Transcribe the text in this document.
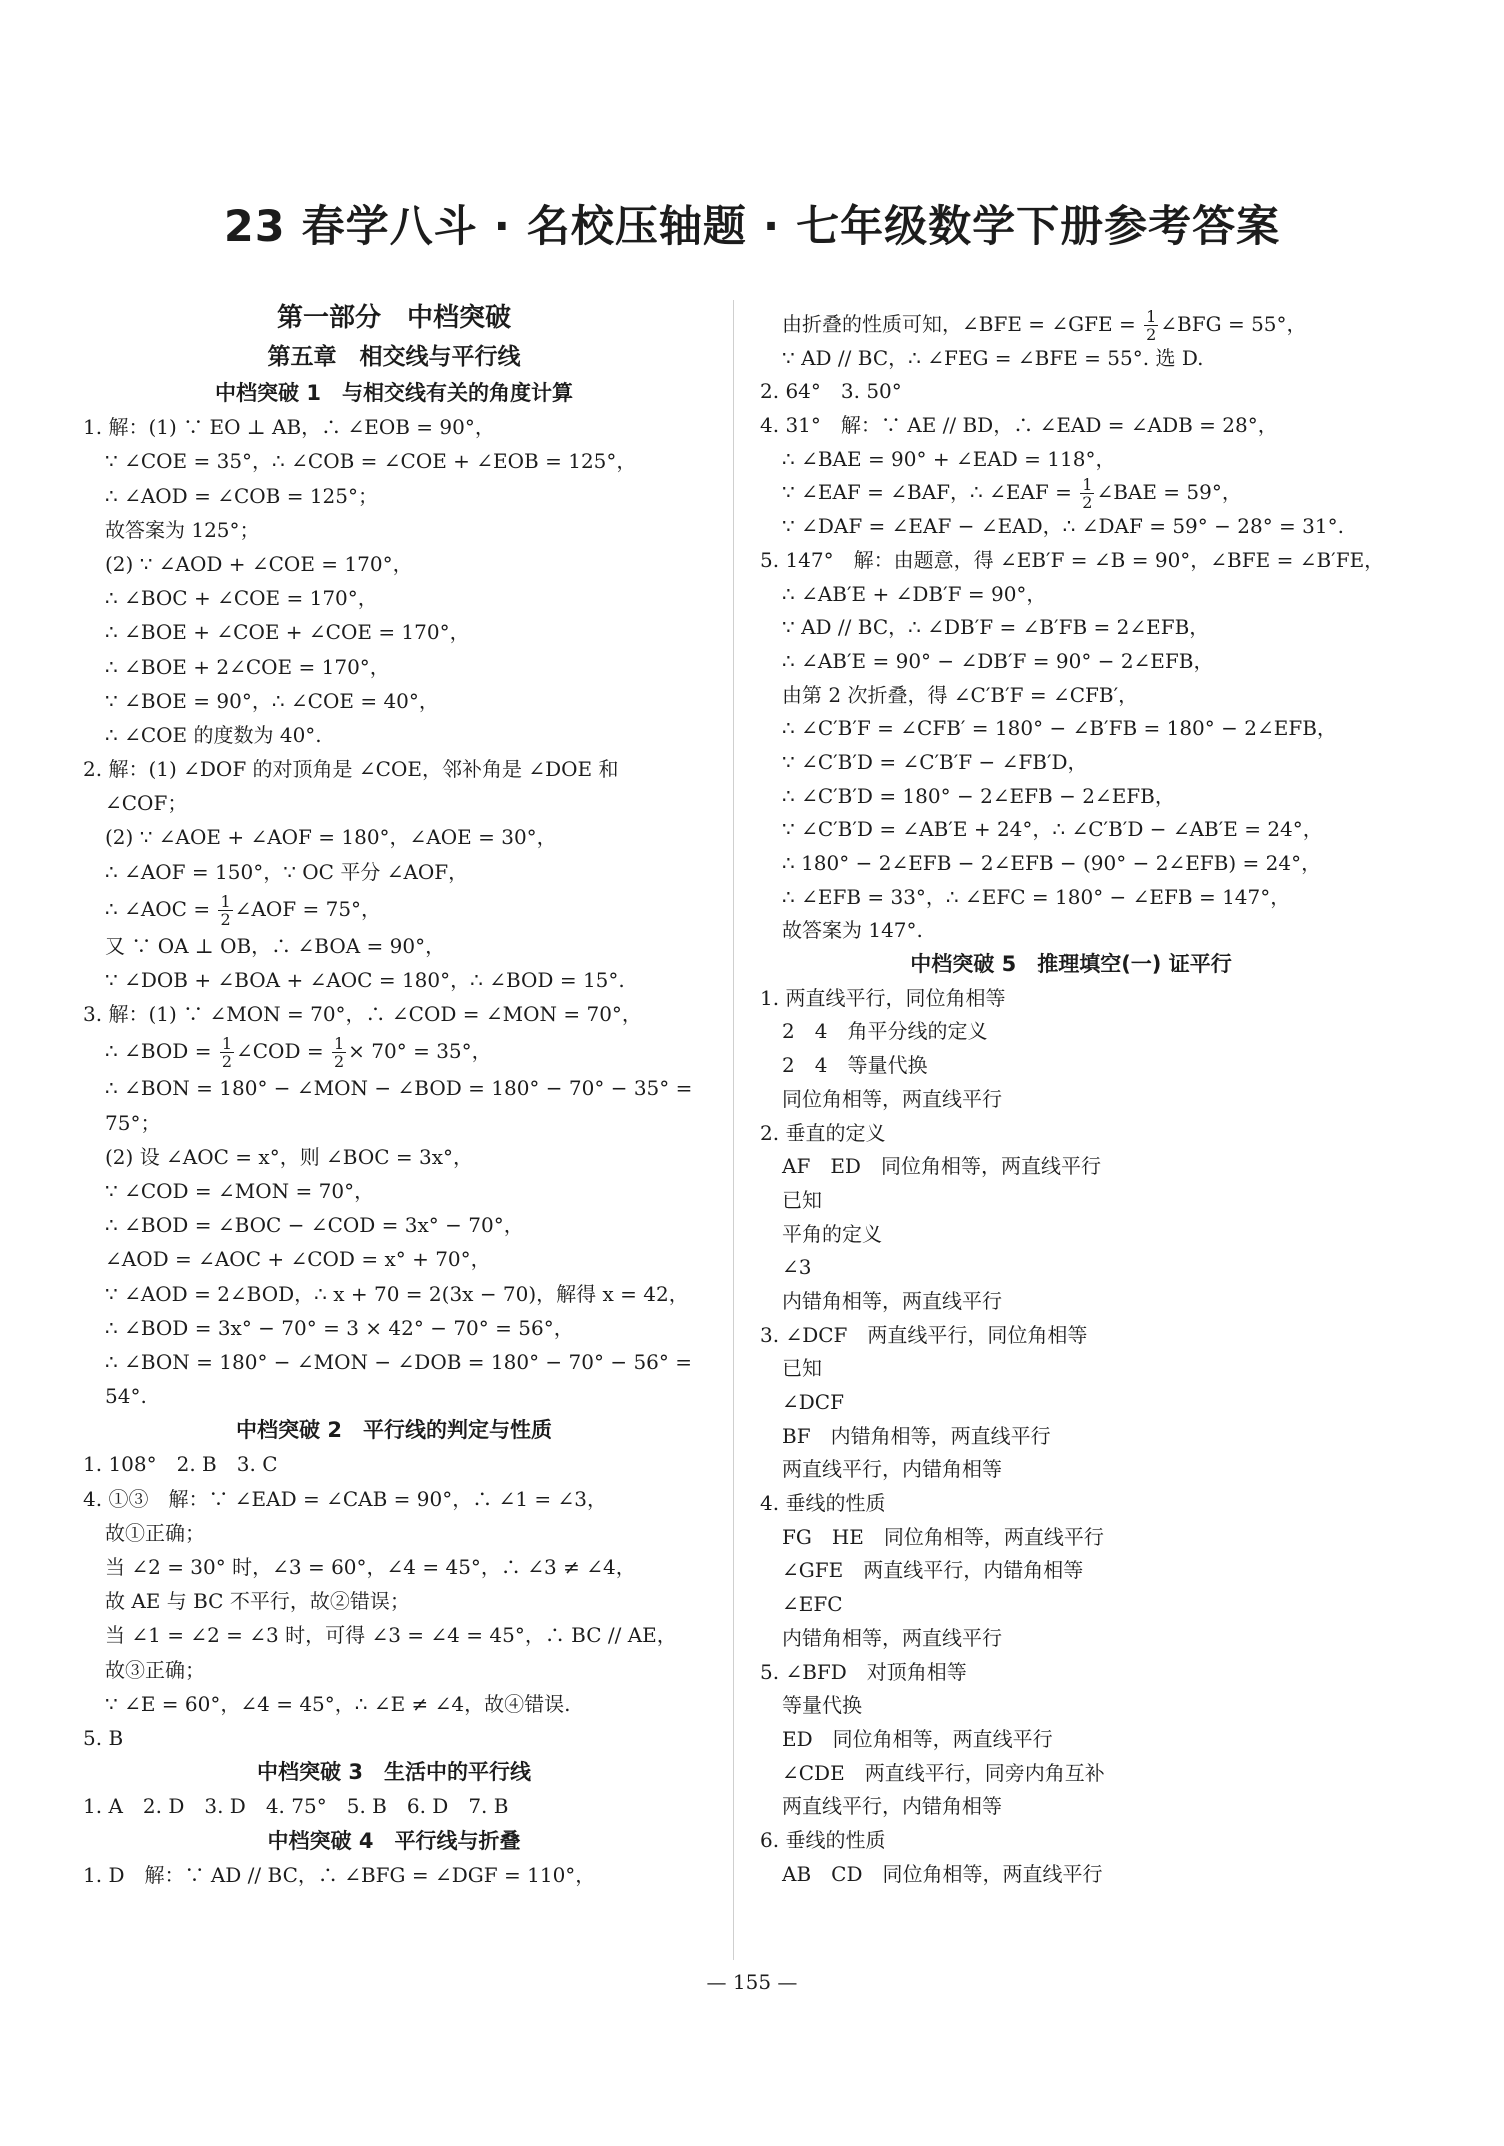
23 春学八斗 · 名校压轴题 · 七年级数学下册参考答案
第一部分　中档突破
第五章　相交线与平行线
中档突破 1　与相交线有关的角度计算
1. 解：(1) ∵ EO ⊥ AB，∴ ∠EOB = 90°，
∵ ∠COE = 35°，∴ ∠COB = ∠COE + ∠EOB = 125°，
∴ ∠AOD = ∠COB = 125°；
故答案为 125°；
(2) ∵ ∠AOD + ∠COE = 170°，
∴ ∠BOC + ∠COE = 170°，
∴ ∠BOE + ∠COE + ∠COE = 170°，
∴ ∠BOE + 2∠COE = 170°，
∵ ∠BOE = 90°，∴ ∠COE = 40°，
∴ ∠COE 的度数为 40°.
2. 解：(1) ∠DOF 的对顶角是 ∠COE，邻补角是 ∠DOE 和
∠COF；
(2) ∵ ∠AOE + ∠AOF = 180°，∠AOE = 30°，
∴ ∠AOF = 150°，∵ OC 平分 ∠AOF，
∴ ∠AOC = $\frac{1}{2}$ ∠AOF = 75°，
又 ∵ OA ⊥ OB，∴ ∠BOA = 90°，
∵ ∠DOB + ∠BOA + ∠AOC = 180°，∴ ∠BOD = 15°.
3. 解：(1) ∵ ∠MON = 70°，∴ ∠COD = ∠MON = 70°，
∴ ∠BOD = $\frac{1}{2}$ ∠COD = $\frac{1}{2} \times 70^\circ = 35^\circ$，
∴ ∠BON = 180° − ∠MON − ∠BOD = 180° − 70° − 35° =
75°；
(2) 设 ∠AOC = x°，则 ∠BOC = 3x°，
∵ ∠COD = ∠MON = 70°，
∴ ∠BOD = ∠BOC − ∠COD = 3x° − 70°，
∠AOD = ∠AOC + ∠COD = x° + 70°，
∵ ∠AOD = 2∠BOD，∴ x + 70 = 2(3x − 70)，解得 x = 42，
∴ ∠BOD = 3x° − 70° = 3 × 42° − 70° = 56°，
∴ ∠BON = 180° − ∠MON − ∠DOB = 180° − 70° − 56° =
54°.
中档突破 2　平行线的判定与性质
1. 108°　2. B　3. C
4. ①③　解：∵ ∠EAD = ∠CAB = 90°，∴ ∠1 = ∠3，
故①正确；
当 ∠2 = 30° 时，∠3 = 60°，∠4 = 45°，∴ ∠3 ≠ ∠4，
故 AE 与 BC 不平行，故②错误；
当 ∠1 = ∠2 = ∠3 时，可得 ∠3 = ∠4 = 45°，∴ BC // AE，
故③正确；
∵ ∠E = 60°，∠4 = 45°，∴ ∠E ≠ ∠4，故④错误.
5. B
中档突破 3　生活中的平行线
1. A　2. D　3. D　4. 75°　5. B　6. D　7. B
中档突破 4　平行线与折叠
1. D　解：∵ AD // BC，∴ ∠BFG = ∠DGF = 110°，
由折叠的性质可知，∠BFE = ∠GFE = $\frac{1}{2}$ ∠BFG = 55°，
∵ AD // BC，∴ ∠FEG = ∠BFE = 55°. 选 D.
2. 64°　3. 50°
4. 31°　解：∵ AE // BD，∴ ∠EAD = ∠ADB = 28°，
∴ ∠BAE = 90° + ∠EAD = 118°，
∵ ∠EAF = ∠BAF，∴ ∠EAF = $\frac{1}{2}$ ∠BAE = 59°，
∵ ∠DAF = ∠EAF − ∠EAD，∴ ∠DAF = 59° − 28° = 31°.
5. 147°　解：由题意，得 ∠EB′F = ∠B = 90°，∠BFE = ∠B′FE，
∴ ∠AB′E + ∠DB′F = 90°，
∵ AD // BC，∴ ∠DB′F = ∠B′FB = 2∠EFB，
∴ ∠AB′E = 90° − ∠DB′F = 90° − 2∠EFB，
由第 2 次折叠，得 ∠C′B′F = ∠CFB′，
∴ ∠C′B′F = ∠CFB′ = 180° − ∠B′FB = 180° − 2∠EFB，
∵ ∠C′B′D = ∠C′B′F − ∠FB′D，
∴ ∠C′B′D = 180° − 2∠EFB − 2∠EFB，
∵ ∠C′B′D = ∠AB′E + 24°，∴ ∠C′B′D − ∠AB′E = 24°，
∴ 180° − 2∠EFB − 2∠EFB − (90° − 2∠EFB) = 24°，
∴ ∠EFB = 33°，∴ ∠EFC = 180° − ∠EFB = 147°，
故答案为 147°.
中档突破 5　推理填空(一) 证平行
1. 两直线平行，同位角相等
2　4　角平分线的定义
2　4　等量代换
同位角相等，两直线平行
2. 垂直的定义
AF　ED　同位角相等，两直线平行
已知
平角的定义
∠3
内错角相等，两直线平行
3. ∠DCF　两直线平行，同位角相等
已知
∠DCF
BF　内错角相等，两直线平行
两直线平行，内错角相等
4. 垂线的性质
FG　HE　同位角相等，两直线平行
∠GFE　两直线平行，内错角相等
∠EFC
内错角相等，两直线平行
5. ∠BFD　对顶角相等
等量代换
ED　同位角相等，两直线平行
∠CDE　两直线平行，同旁内角互补
两直线平行，内错角相等
6. 垂线的性质
AB　CD　同位角相等，两直线平行
— 155 —
